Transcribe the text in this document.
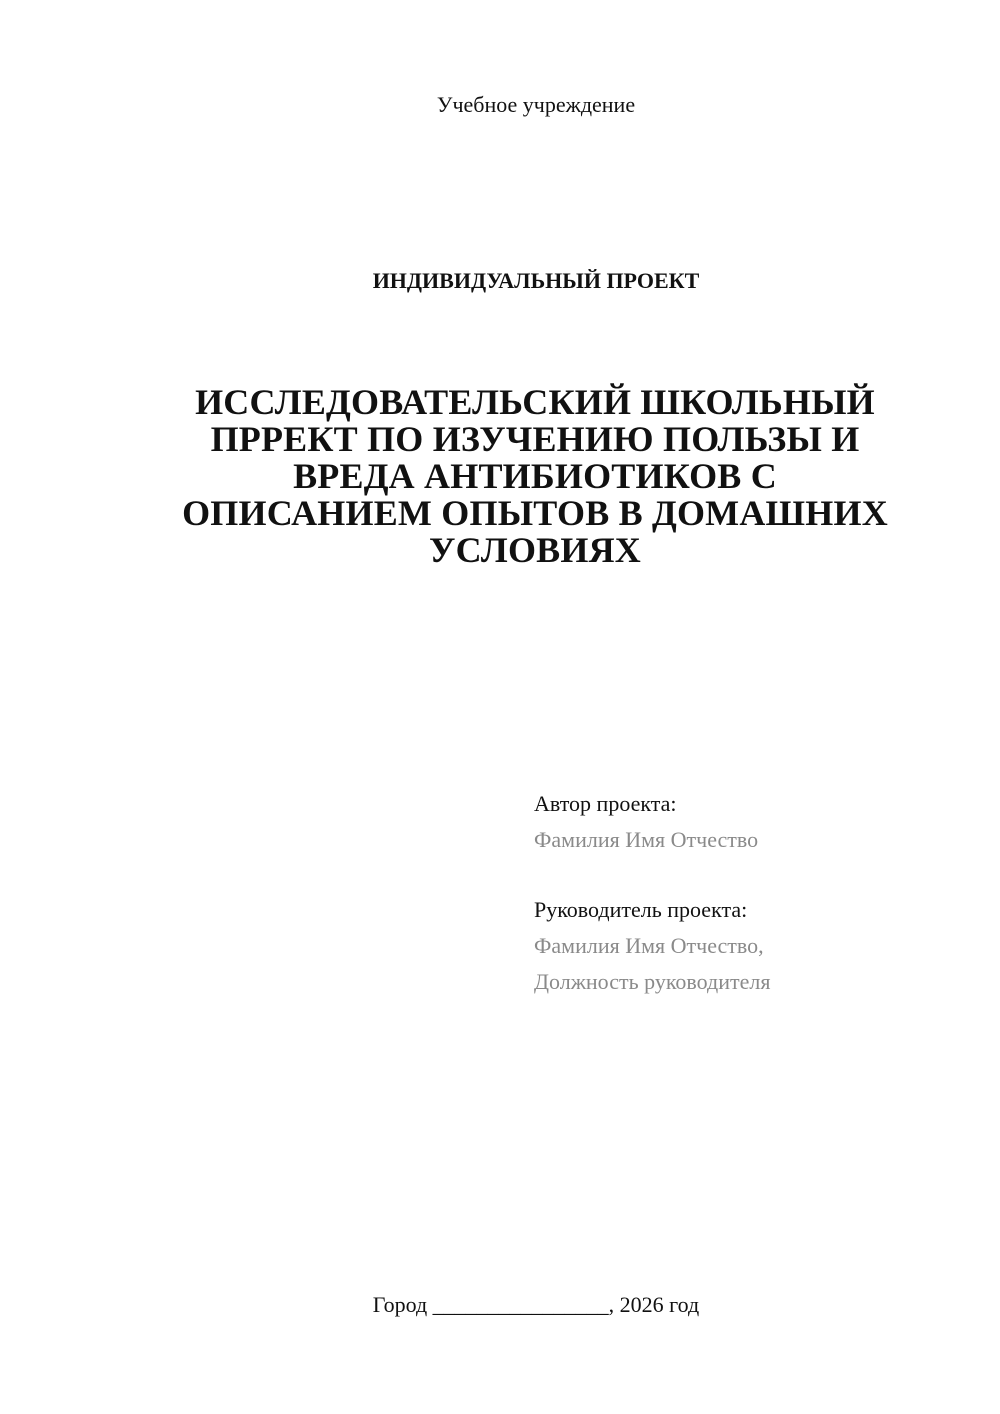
Учебное учреждение
ИНДИВИДУАЛЬНЫЙ ПРОЕКТ
ИССЛЕДОВАТЕЛЬСКИЙ ШКОЛЬНЫЙ
ПРРЕКТ ПО ИЗУЧЕНИЮ ПОЛЬЗЫ И
ВРЕДА АНТИБИОТИКОВ С
ОПИСАНИЕМ ОПЫТОВ В ДОМАШНИХ
УСЛОВИЯХ
Автор проекта:
Фамилия Имя Отчество
Руководитель проекта:
Фамилия Имя Отчество,
Должность руководителя
Город ________________, 2026 год
